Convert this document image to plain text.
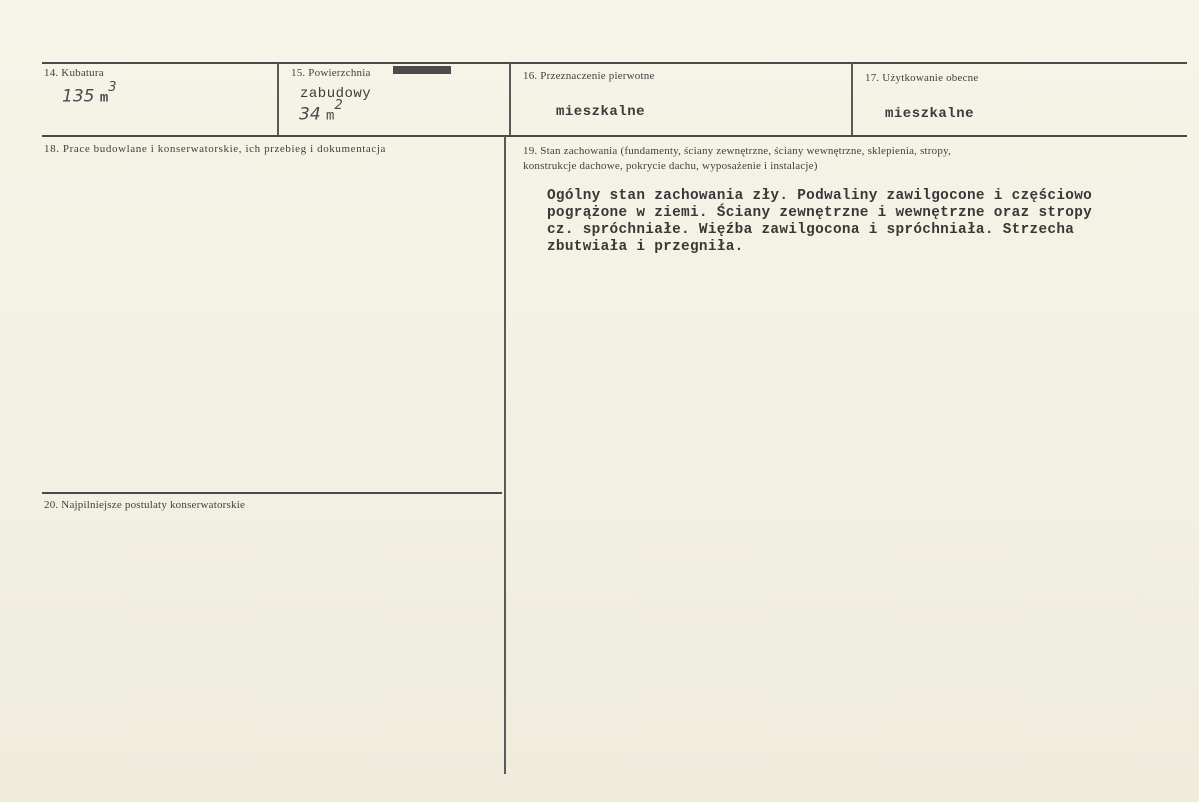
14. Kubatura
135 $m^3$
15. Powierzchnia
zabudowy
34 $m^2$
16. Przeznaczenie pierwotne
mieszkalne
17. Użytkowanie obecne
mieszkalne
18. Prace budowlane i konserwatorskie, ich przebieg i dokumentacja	19. Stan zachowania (fundamenty, ściany zewnętrzne, ściany wewnętrzne, sklepienia, stropy,
konstrukcje dachowe, pokrycie dachu, wyposażenie i instalacje)
Ogólny stan zachowania zły. Podwaliny zawilgocone i częściowo
pogrążone w ziemi. Ściany zewnętrzne i wewnętrzne oraz stropy
cz. spróchniałe. Więźba zawilgocona i spróchniała. Strzecha
zbutwiała i przegniła.
20. Najpilniejsze postulaty konserwatorskie
